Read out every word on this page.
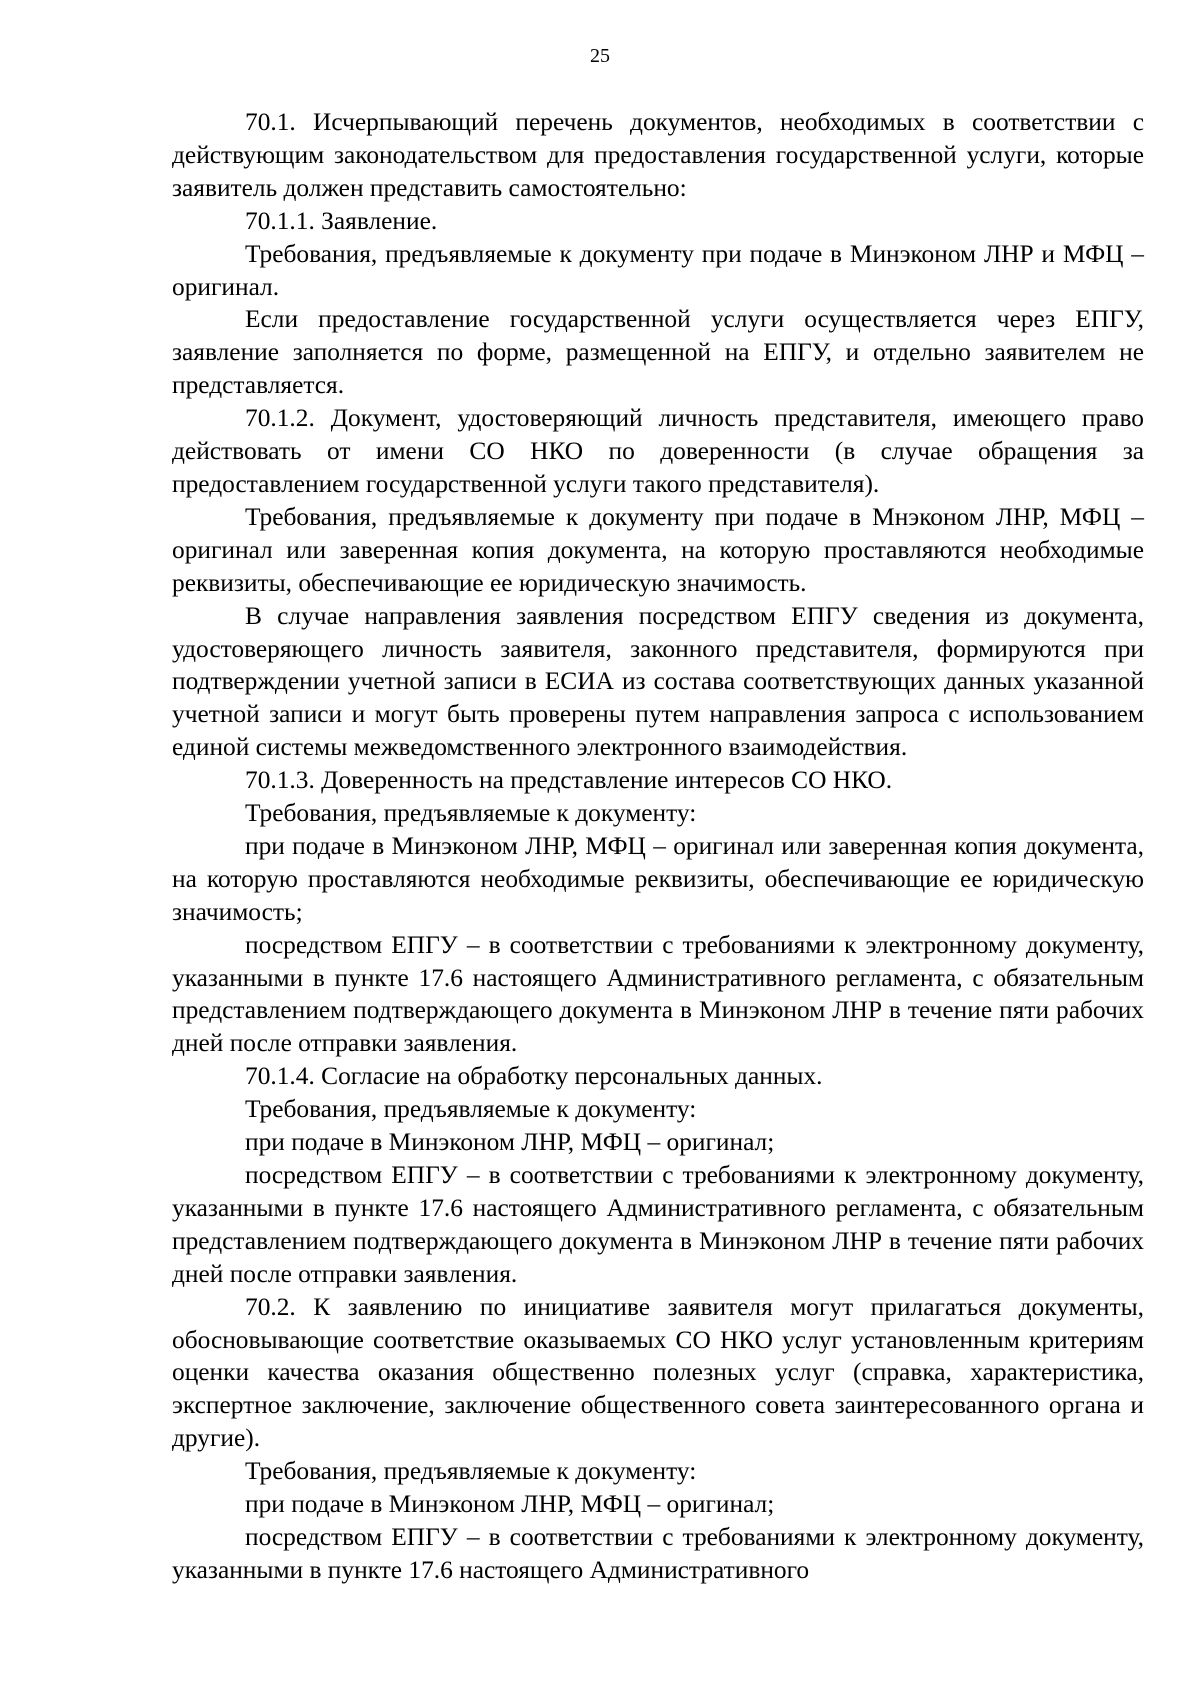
25

70.1. Исчерпывающий перечень документов, необходимых в соответствии с действующим законодательством для предоставления государственной услуги, которые заявитель должен представить самостоятельно:

70.1.1. Заявление.

Требования, предъявляемые к документу при подаче в Минэконом ЛНР и МФЦ – оригинал.

Если предоставление государственной услуги осуществляется через ЕПГУ, заявление заполняется по форме, размещенной на ЕПГУ, и отдельно заявителем не представляется.

70.1.2. Документ, удостоверяющий личность представителя, имеющего право действовать от имени СО НКО по доверенности (в случае обращения за предоставлением государственной услуги такого представителя).

Требования, предъявляемые к документу при подаче в Мнэконом ЛНР, МФЦ – оригинал или заверенная копия документа, на которую проставляются необходимые реквизиты, обеспечивающие ее юридическую значимость.

В случае направления заявления посредством ЕПГУ сведения из документа, удостоверяющего личность заявителя, законного представителя, формируются при подтверждении учетной записи в ЕСИА из состава соответствующих данных указанной учетной записи и могут быть проверены путем направления запроса с использованием единой системы межведомственного электронного взаимодействия.

70.1.3. Доверенность на представление интересов СО НКО.

Требования, предъявляемые к документу:

при подаче в Минэконом ЛНР, МФЦ – оригинал или заверенная копия документа, на которую проставляются необходимые реквизиты, обеспечивающие ее юридическую значимость;

посредством ЕПГУ – в соответствии с требованиями к электронному документу, указанными в пункте 17.6 настоящего Административного регламента, с обязательным представлением подтверждающего документа в Минэконом ЛНР в течение пяти рабочих дней после отправки заявления.

70.1.4. Согласие на обработку персональных данных.

Требования, предъявляемые к документу:

при подаче в Минэконом ЛНР, МФЦ – оригинал;

посредством ЕПГУ – в соответствии с требованиями к электронному документу, указанными в пункте 17.6 настоящего Административного регламента, с обязательным представлением подтверждающего документа в Минэконом ЛНР в течение пяти рабочих дней после отправки заявления.

70.2. К заявлению по инициативе заявителя могут прилагаться документы, обосновывающие соответствие оказываемых СО НКО услуг установленным критериям оценки качества оказания общественно полезных услуг (справка, характеристика, экспертное заключение, заключение общественного совета заинтересованного органа и другие).

Требования, предъявляемые к документу:

при подаче в Минэконом ЛНР, МФЦ – оригинал;

посредством ЕПГУ – в соответствии с требованиями к электронному документу, указанными в пункте 17.6 настоящего Административного
